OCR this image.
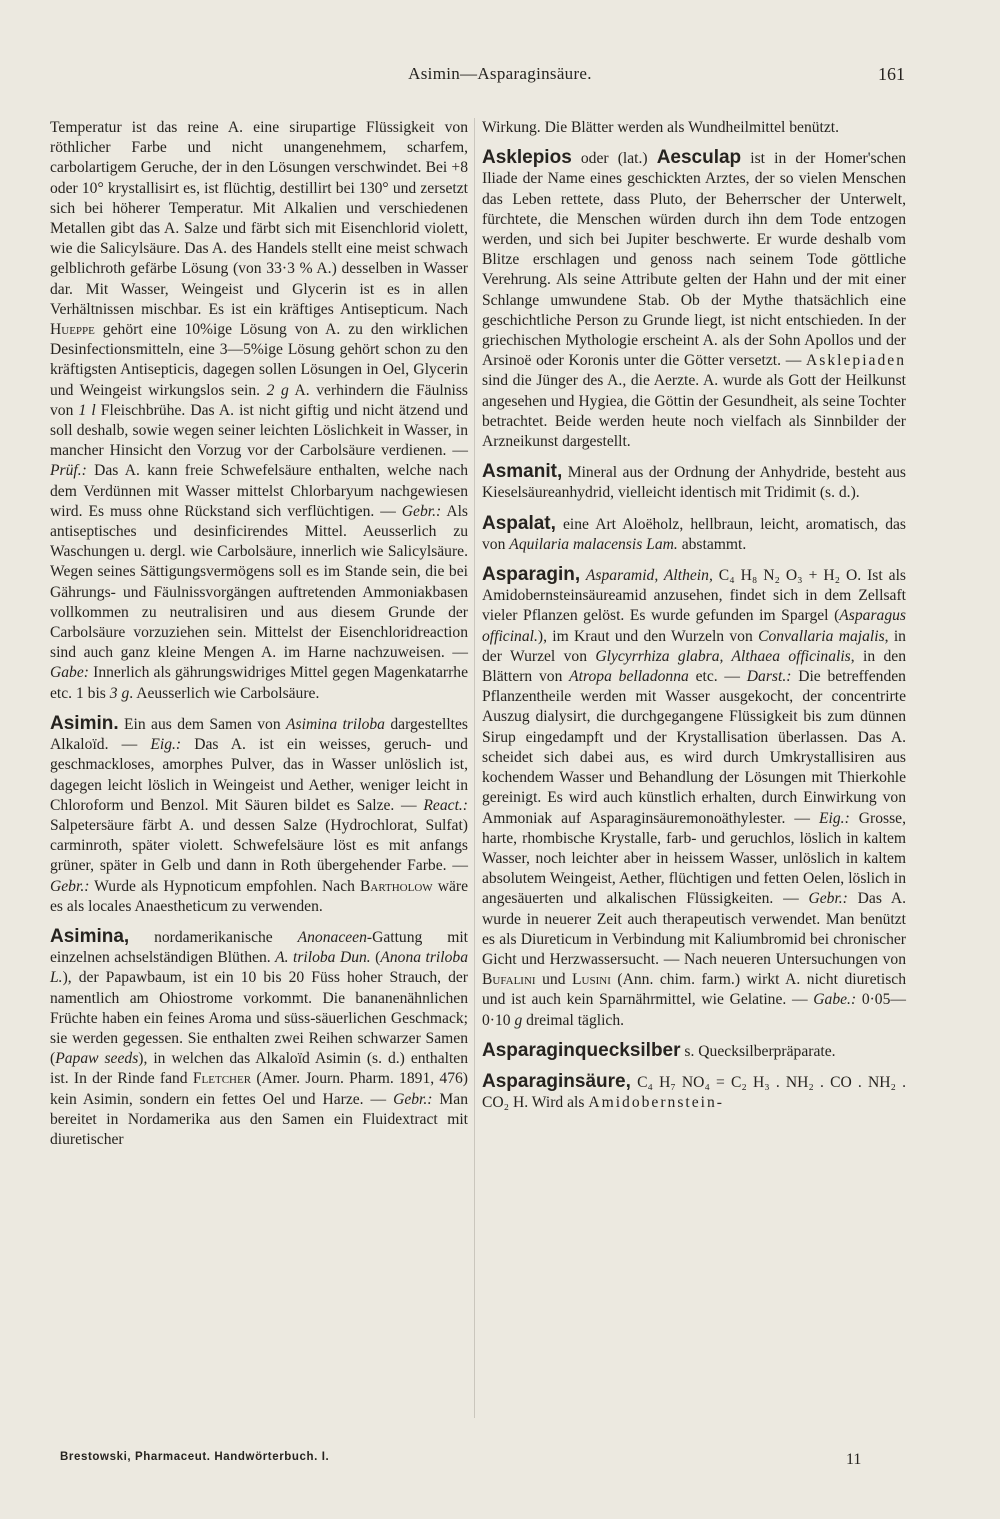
Asimin—Asparaginsäure.	161

Temperatur ist das reine A. eine sirupartige Flüssigkeit von röthlicher Farbe und nicht unangenehmem, scharfem, carbolartigem Geruche, der in den Lösungen verschwindet. Bei +8 oder 10° krystallisirt es, ist flüchtig, destillirt bei 130° und zersetzt sich bei höherer Temperatur. Mit Alkalien und verschiedenen Metallen gibt das A. Salze und färbt sich mit Eisenchlorid violett, wie die Salicylsäure. Das A. des Handels stellt eine meist schwach gelblichroth gefärbe Lösung (von 33·3 % A.) desselben in Wasser dar. Mit Wasser, Weingeist und Glycerin ist es in allen Verhältnissen mischbar. Es ist ein kräftiges Antisepticum. Nach Hueppe gehört eine 10%ige Lösung von A. zu den wirklichen Desinfectionsmitteln, eine 3—5%ige Lösung gehört schon zu den kräftigsten Antisepticis, dagegen sollen Lösungen in Oel, Glycerin und Weingeist wirkungslos sein. 2 g A. verhindern die Fäulniss von 1 l Fleischbrühe. Das A. ist nicht giftig und nicht ätzend und soll deshalb, sowie wegen seiner leichten Löslichkeit in Wasser, in mancher Hinsicht den Vorzug vor der Carbolsäure verdienen. — Prüf.: Das A. kann freie Schwefelsäure enthalten, welche nach dem Verdünnen mit Wasser mittelst Chlorbaryum nachgewiesen wird. Es muss ohne Rückstand sich verflüchtigen. — Gebr.: Als antiseptisches und desinficirendes Mittel. Aeusserlich zu Waschungen u. dergl. wie Carbolsäure, innerlich wie Salicylsäure. Wegen seines Sättigungsvermögens soll es im Stande sein, die bei Gährungs- und Fäulnissvorgängen auftretenden Ammoniakbasen vollkommen zu neutralisiren und aus diesem Grunde der Carbolsäure vorzuziehen sein. Mittelst der Eisenchloridreaction sind auch ganz kleine Mengen A. im Harne nachzuweisen. — Gabe: Innerlich als gährungswidriges Mittel gegen Magenkatarrhe etc. 1 bis 3 g. Aeusserlich wie Carbolsäure.

Asimin. Ein aus dem Samen von Asimina triloba dargestelltes Alkaloïd. — Eig.: Das A. ist ein weisses, geruch- und geschmackloses, amorphes Pulver, das in Wasser unlöslich ist, dagegen leicht löslich in Weingeist und Aether, weniger leicht in Chloroform und Benzol. Mit Säuren bildet es Salze. — React.: Salpetersäure färbt A. und dessen Salze (Hydrochlorat, Sulfat) carminroth, später violett. Schwefelsäure löst es mit anfangs grüner, später in Gelb und dann in Roth übergehender Farbe. — Gebr.: Wurde als Hypnoticum empfohlen. Nach Bartholow wäre es als locales Anaestheticum zu verwenden.

Asimina, nordamerikanische Anonaceen-Gattung mit einzelnen achselständigen Blüthen. A. triloba Dun. (Anona triloba L.), der Papawbaum, ist ein 10 bis 20 Füss hoher Strauch, der namentlich am Ohiostrome vorkommt. Die bananenähnlichen Früchte haben ein feines Aroma und süss-säuerlichen Geschmack; sie werden gegessen. Sie enthalten zwei Reihen schwarzer Samen (Papaw seeds), in welchen das Alkaloïd Asimin (s. d.) enthalten ist. In der Rinde fand Fletcher (Amer. Journ. Pharm. 1891, 476) kein Asimin, sondern ein fettes Oel und Harze. — Gebr.: Man bereitet in Nordamerika aus den Samen ein Fluidextract mit diuretischer

Wirkung. Die Blätter werden als Wundheilmittel benützt.

Asklepios oder (lat.) Aesculap ist in der Homer'schen Iliade der Name eines geschickten Arztes, der so vielen Menschen das Leben rettete, dass Pluto, der Beherrscher der Unterwelt, fürchtete, die Menschen würden durch ihn dem Tode entzogen werden, und sich bei Jupiter beschwerte. Er wurde deshalb vom Blitze erschlagen und genoss nach seinem Tode göttliche Verehrung. Als seine Attribute gelten der Hahn und der mit einer Schlange umwundene Stab. Ob der Mythe thatsächlich eine geschichtliche Person zu Grunde liegt, ist nicht entschieden. In der griechischen Mythologie erscheint A. als der Sohn Apollos und der Arsinoë oder Koronis unter die Götter versetzt. — Asklepiaden sind die Jünger des A., die Aerzte. A. wurde als Gott der Heilkunst angesehen und Hygiea, die Göttin der Gesundheit, als seine Tochter betrachtet. Beide werden heute noch vielfach als Sinnbilder der Arzneikunst dargestellt.

Asmanit, Mineral aus der Ordnung der Anhydride, besteht aus Kieselsäureanhydrid, vielleicht identisch mit Tridimit (s. d.).

Aspalat, eine Art Aloëholz, hellbraun, leicht, aromatisch, das von Aquilaria malacensis Lam. abstammt.

Asparagin, Asparamid, Althein, C₄ H₈ N₂ O₃ + H₂ O. Ist als Amidobernsteinsäureamid anzusehen, findet sich in dem Zellsaft vieler Pflanzen gelöst. Es wurde gefunden im Spargel (Asparagus officinal.), im Kraut und den Wurzeln von Convallaria majalis, in der Wurzel von Glycyrrhiza glabra, Althaea officinalis, in den Blättern von Atropa belladonna etc. — Darst.: Die betreffenden Pflanzentheile werden mit Wasser ausgekocht, der concentrirte Auszug dialysirt, die durchgegangene Flüssigkeit bis zum dünnen Sirup eingedampft und der Krystallisation überlassen. Das A. scheidet sich dabei aus, es wird durch Umkrystallisiren aus kochendem Wasser und Behandlung der Lösungen mit Thierkohle gereinigt. Es wird auch künstlich erhalten, durch Einwirkung von Ammoniak auf Asparaginsäuremonoäthylester. — Eig.: Grosse, harte, rhombische Krystalle, farb- und geruchlos, löslich in kaltem Wasser, noch leichter aber in heissem Wasser, unlöslich in kaltem absolutem Weingeist, Aether, flüchtigen und fetten Oelen, löslich in angesäuerten und alkalischen Flüssigkeiten. — Gebr.: Das A. wurde in neuerer Zeit auch therapeutisch verwendet. Man benützt es als Diureticum in Verbindung mit Kaliumbromid bei chronischer Gicht und Herzwassersucht. — Nach neueren Untersuchungen von Bufalini und Lusini (Ann. chim. farm.) wirkt A. nicht diuretisch und ist auch kein Sparnährmittel, wie Gelatine. — Gabe.: 0·05—0·10 g dreimal täglich.

Asparaginquecksilber s. Quecksilberpräparate.

Asparaginsäure, C₄ H₇ NO₄ = C₂ H₃ . NH₂ . CO . NH₂ . CO₂ H. Wird als Amidobernstein-

Brestowski, Pharmaceut. Handwörterbuch. I.	11
